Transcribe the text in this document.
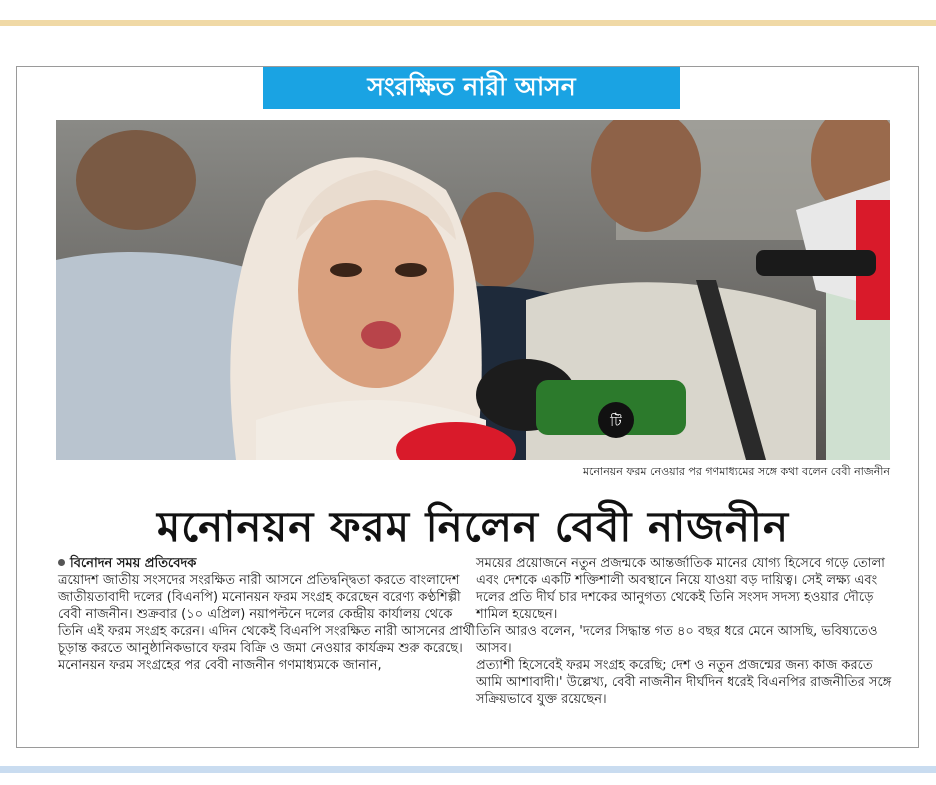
সংরক্ষিত নারী আসন
টি
মনোনয়ন ফরম নেওয়ার পর গণমাধ্যমের সঙ্গে কথা বলেন বেবী নাজনীন
মনোনয়ন ফরম নিলেন বেবী নাজনীন

বিনোদন সময় প্রতিবেদক

ত্রয়োদশ জাতীয় সংসদের সংরক্ষিত নারী আসনে প্রতিদ্বন্দ্বিতা করতে বাংলাদেশ জাতীয়তাবাদী দলের (বিএনপি) মনোনয়ন ফরম সংগ্রহ করেছেন বরেণ্য কণ্ঠশিল্পী বেবী নাজনীন। শুক্রবার (১০ এপ্রিল) নয়াপল্টনে দলের কেন্দ্রীয় কার্যালয় থেকে তিনি এই ফরম সংগ্রহ করেন। এদিন থেকেই বিএনপি সংরক্ষিত নারী আসনের প্রার্থী চূড়ান্ত করতে আনুষ্ঠানিকভাবে ফরম বিক্রি ও জমা নেওয়ার কার্যক্রম শুরু করেছে।

মনোনয়ন ফরম সংগ্রহের পর বেবী নাজনীন গণমাধ্যমকে জানান,

সময়ের প্রয়োজনে নতুন প্রজন্মকে আন্তর্জাতিক মানের যোগ্য হিসেবে গড়ে তোলা এবং দেশকে একটি শক্তিশালী অবস্থানে নিয়ে যাওয়া বড় দায়িত্ব। সেই লক্ষ্য এবং দলের প্রতি দীর্ঘ চার দশকের আনুগত্য থেকেই তিনি সংসদ সদস্য হওয়ার দৌড়ে শামিল হয়েছেন।

তিনি আরও বলেন, 'দলের সিদ্ধান্ত গত ৪০ বছর ধরে মেনে আসছি, ভবিষ্যতেও আসব।

প্রত্যাশী হিসেবেই ফরম সংগ্রহ করেছি; দেশ ও নতুন প্রজন্মের জন্য কাজ করতে আমি আশাবাদী।' উল্লেখ্য, বেবী নাজনীন দীর্ঘদিন ধরেই বিএনপির রাজনীতির সঙ্গে সক্রিয়ভাবে যুক্ত রয়েছেন।
